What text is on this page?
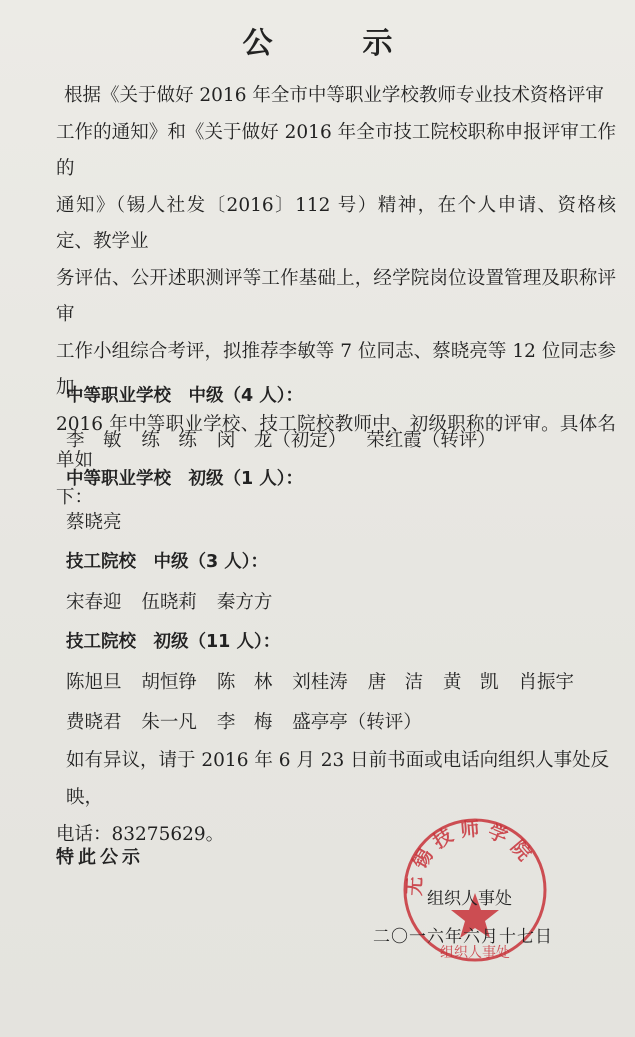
公	示

根据《关于做好 2016 年全市中等职业学校教师专业技术资格评审

工作的通知》和《关于做好 2016 年全市技工院校职称申报评审工作的

通知》（锡人社发〔2016〕112 号）精神，在个人申请、资格核定、教学业

务评估、公开述职测评等工作基础上，经学院岗位设置管理及职称评审

工作小组综合考评，拟推荐李敏等 7 位同志、蔡晓亮等 12 位同志参加

2016 年中等职业学校、技工院校教师中、初级职称的评审。具体名单如

下：

中等职业学校　中级（4 人）：
李　敏 练　练 闵　龙（初定） 荣红霞（转评）
中等职业学校　初级（1 人）：
蔡晓亮
技工院校　中级（3 人）：
宋春迎 伍晓莉 秦方方
技工院校　初级（11 人）：
陈旭旦 胡恒铮 陈　林 刘桂涛 唐　洁 黄　凯 肖振宇
费晓君 朱一凡 李　梅 盛亭亭（转评）
如有异议，请于 2016 年 6 月 23 日前书面或电话向组织人事处反映，
电话：83275629。
特此公示
无 锡 技 师 学 院
组织人事处
组织人事处
二〇一六年六月十七日
